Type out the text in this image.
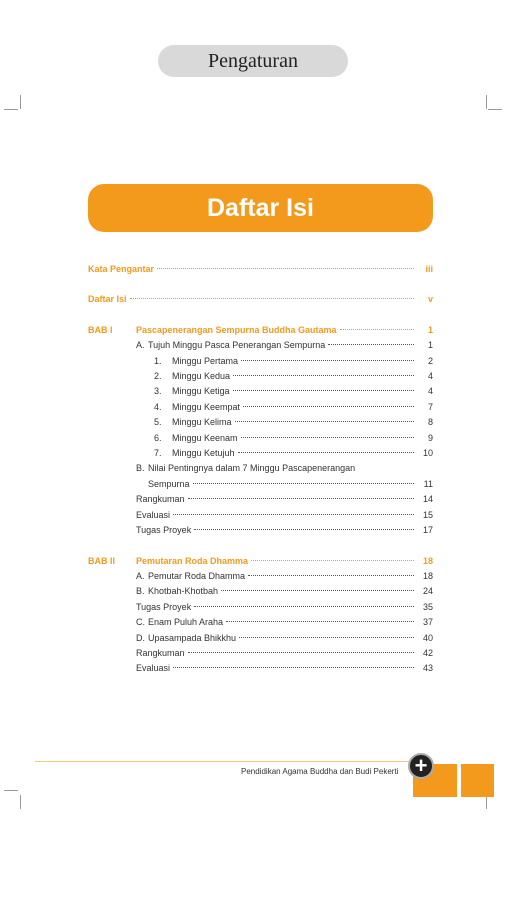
Pengaturan
Daftar Isi
Kata Pengantar	iii
Daftar Isi	v
BAB I	Pascapenerangan Sempurna Buddha Gautama	1
A. Tujuh Minggu Pasca Penerangan Sempurna	1
1. Minggu Pertama	2
2. Minggu Kedua	4
3. Minggu Ketiga	4
4. Minggu Keempat	7
5. Minggu Kelima	8
6. Minggu Keenam	9
7. Minggu Ketujuh	10
B. Nilai Pentingnya dalam 7 Minggu Pascapenerangan
Sempurna	11
Rangkuman	14
Evaluasi	15
Tugas Proyek	17
BAB II	Pemutaran Roda Dhamma	18
A. Pemutar Roda Dhamma	18
B. Khotbah-Khotbah	24
Tugas Proyek	35
C. Enam Puluh Araha	37
D. Upasampada Bhikkhu	40
Rangkuman	42
Evaluasi	43
Pendidikan Agama Buddha dan Budi Pekerti +
